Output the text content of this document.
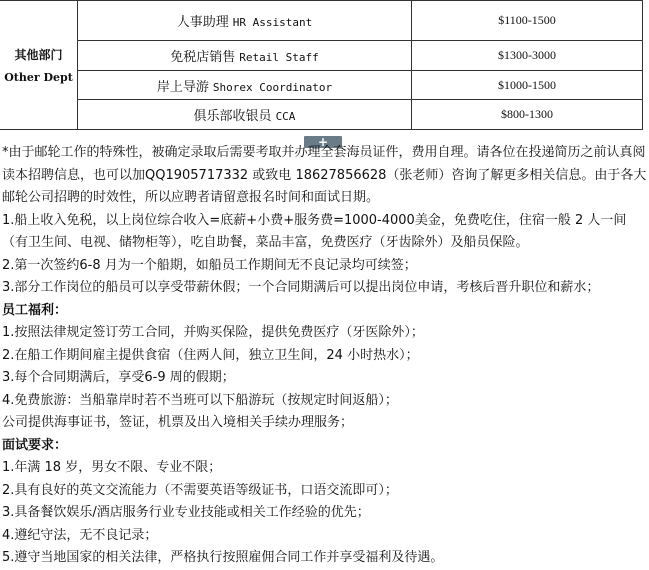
其他部门
Other Dept	人事助理 HR Assistant	$1100-1500
	免税店销售 Retail Staff	$1300-3000
	岸上导游 Shorex Coordinator	$1000-1500
	俱乐部收银员 CCA	$800-1300
+

*由于邮轮工作的特殊性，被确定录取后需要考取并办理全套海员证件，费用自理。请各位在投递简历之前认真阅读本招聘信息，也可以加QQ1905717332 或致电 18627856628（张老师）咨询了解更多相关信息。由于各大邮轮公司招聘的时效性，所以应聘者请留意报名时间和面试日期。

1.船上收入免税，以上岗位综合收入=底薪+小费+服务费=1000-4000美金，免费吃住，住宿一般 2 人一间

（有卫生间、电视、储物柜等），吃自助餐，菜品丰富，免费医疗（牙齿除外）及船员保险。

2.第一次签约6-8 月为一个船期，如船员工作期间无不良记录均可续签；

3.部分工作岗位的船员可以享受带薪休假；一个合同期满后可以提出岗位申请，考核后晋升职位和薪水；

员工福利：

1.按照法律规定签订劳工合同，并购买保险，提供免费医疗（牙医除外）；

2.在船工作期间雇主提供食宿（住两人间，独立卫生间，24 小时热水）；

3.每个合同期满后，享受6-9 周的假期；

4.免费旅游：当船靠岸时若不当班可以下船游玩（按规定时间返船）；

公司提供海事证书，签证，机票及出入境相关手续办理服务；

面试要求：

1.年满 18 岁，男女不限、专业不限；

2.具有良好的英文交流能力（不需要英语等级证书，口语交流即可）；

3.具备餐饮娱乐/酒店服务行业专业技能或相关工作经验的优先；

4.遵纪守法，无不良记录；

5.遵守当地国家的相关法律，严格执行按照雇佣合同工作并享受福利及待遇。
